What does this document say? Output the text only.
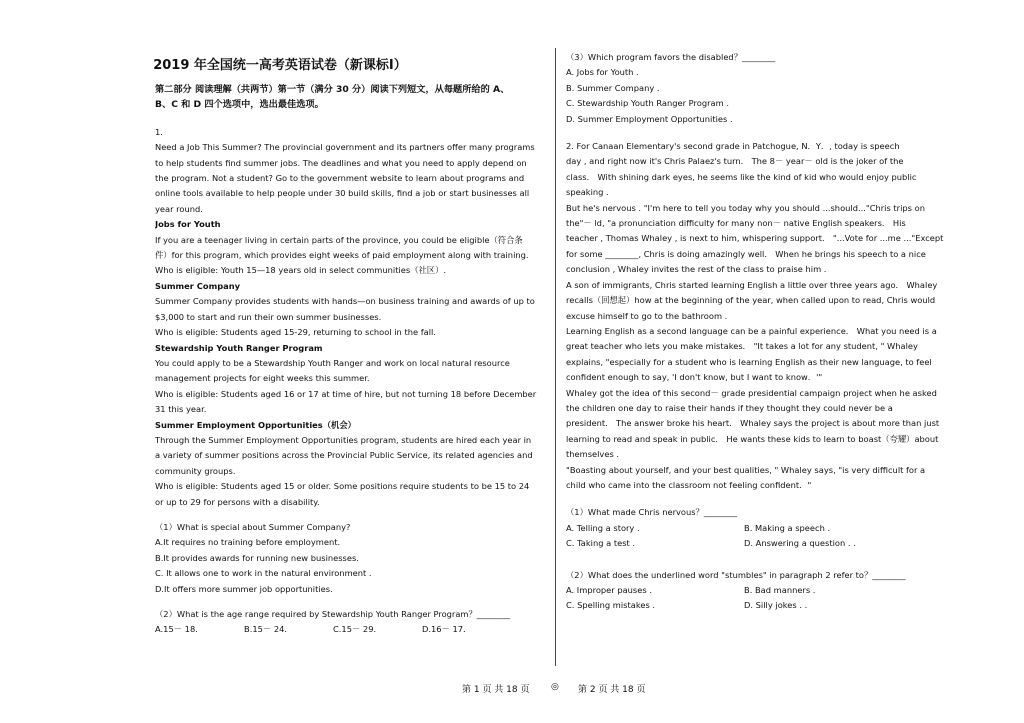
2019 年全国统一高考英语试卷（新课标Ⅰ）
第二部分 阅读理解（共两节）第一节（满分 30 分）阅读下列短文，从每题所给的 A、
B、C 和 D 四个选项中，选出最佳选项。
1.
Need a Job This Summer? The provincial government and its partners offer many programs
to help students find summer jobs. The deadlines and what you need to apply depend on
the program. Not a student? Go to the government website to learn about programs and
online tools available to help people under 30 build skills, find a job or start businesses all
year round.
Jobs for Youth
If you are a teenager living in certain parts of the province, you could be eligible（符合条
件）for this program, which provides eight weeks of paid employment along with training.
Who is eligible: Youth 15—18 years old in select communities（社区）.
Summer Company
Summer Company provides students with hands—on business training and awards of up to
$3,000 to start and run their own summer businesses.
Who is eligible: Students aged 15-29, returning to school in the fall.
Stewardship Youth Ranger Program
You could apply to be a Stewardship Youth Ranger and work on local natural resource
management projects for eight weeks this summer.
Who is eligible: Students aged 16 or 17 at time of hire, but not turning 18 before December
31 this year.
Summer Employment Opportunities（机会）
Through the Summer Employment Opportunities program, students are hired each year in
a variety of summer positions across the Provincial Public Service, its related agencies and
community groups.
Who is eligible: Students aged 15 or older. Some positions require students to be 15 to 24
or up to 29 for persons with a disability.
（1）What is special about Summer Company?
A.It requires no training before employment.
B.It provides awards for running new businesses.
C. It allows one to work in the natural environment .
D.It offers more summer job opportunities.
（2）What is the age range required by Stewardship Youth Ranger Program？________
A.15－ 18．	B.15－ 24．	C.15－ 29．	D.16－ 17．
（3）Which program favors the disabled？________
A. Jobs for Youth .
B. Summer Company .
C. Stewardship Youth Ranger Program .
D. Summer Employment Opportunities .
2. For Canaan Elementary's second grade in Patchogue, N．Y．, today is speech
day , and right now it's Chris Palaez's turn． The 8－ year－ old is the joker of the
class． With shining dark eyes, he seems like the kind of kid who would enjoy public
speaking .
But he's nervous . "I'm here to tell you today why you should ...should..."Chris trips on
the"－ ld, "a pronunciation difficulty for many non－ native English speakers． His
teacher , Thomas Whaley , is next to him, whispering support． "...Vote for ...me ..."Except
for some ________, Chris is doing amazingly well． When he brings his speech to a nice
conclusion , Whaley invites the rest of the class to praise him .
A son of immigrants, Chris started learning English a little over three years ago． Whaley
recalls（回想起）how at the beginning of the year, when called upon to read, Chris would
excuse himself to go to the bathroom .
Learning English as a second language can be a painful experience． What you need is a
great teacher who lets you make mistakes． "It takes a lot for any student, " Whaley
explains, "especially for a student who is learning English as their new language, to feel
confident enough to say, 'I don't know, but I want to know．'"
Whaley got the idea of this second－ grade presidential campaign project when he asked
the children one day to raise their hands if they thought they could never be a
president． The answer broke his heart． Whaley says the project is about more than just
learning to read and speak in public． He wants these kids to learn to boast（夸耀）about
themselves .
"Boasting about yourself, and your best qualities, " Whaley says, "is very difficult for a
child who came into the classroom not feeling confident．"
（1）What made Chris nervous？________
A. Telling a story .	B. Making a speech .
C. Taking a test .	D. Answering a question . .
（2）What does the underlined word "stumbles" in paragraph 2 refer to？________
A. Improper pauses .	B. Bad manners .
C. Spelling mistakes .	D. Silly jokes . .
第 1 页 共 18 页 ◎ 第 2 页 共 18 页
